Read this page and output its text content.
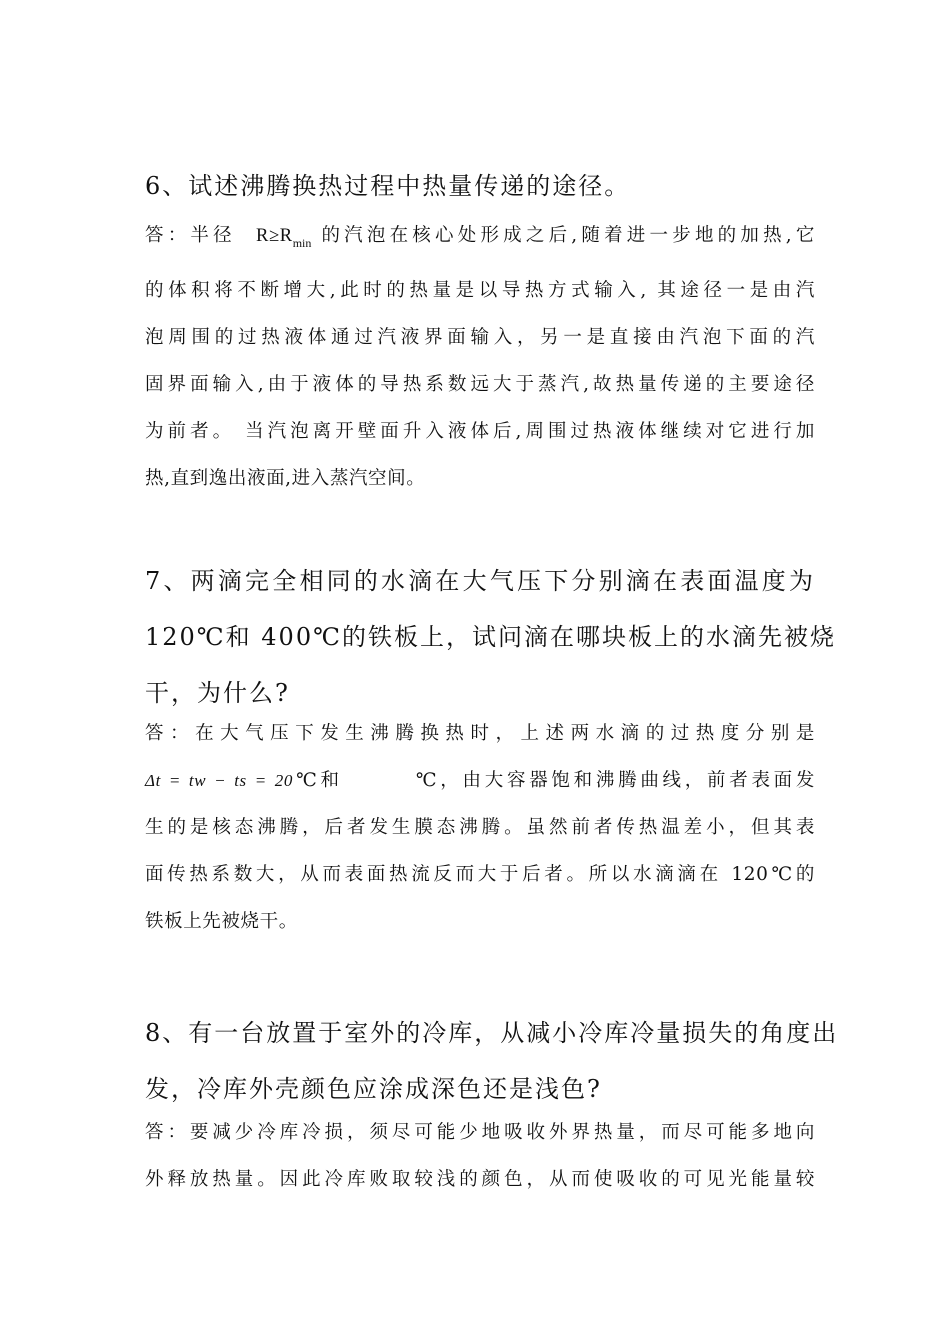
6、试述沸腾换热过程中热量传递的途径。
答：半径 $R\ge R_{min}$ 的汽泡在核心处形成之后,随着进一步地的加热,它
的体积将不断增大,此时的热量是以导热方式输入, 其途径一是由汽
泡周围的过热液体通过汽液界面输入，另一是直接由汽泡下面的汽
固界面输入,由于液体的导热系数远大于蒸汽,故热量传递的主要途径
为前者。 当汽泡离开壁面升入液体后,周围过热液体继续对它进行加
热,直到逸出液面,进入蒸汽空间。
7、两滴完全相同的水滴在大气压下分别滴在表面温度为
120℃和 400℃的铁板上，试问滴在哪块板上的水滴先被烧
干，为什么?
答：在大气压下发生沸腾换热时，上述两水滴的过热度分别是
Δt = tw − ts = 20℃和	℃，由大容器饱和沸腾曲线，前者表面发
生的是核态沸腾，后者发生膜态沸腾。虽然前者传热温差小，但其表
面传热系数大，从而表面热流反而大于后者。所以水滴滴在 120℃的
铁板上先被烧干。
8、有一台放置于室外的冷库，从减小冷库冷量损失的角度出
发，冷库外壳颜色应涂成深色还是浅色?
答：要减少冷库冷损，须尽可能少地吸收外界热量，而尽可能多地向
外释放热量。因此冷库败取较浅的颜色，从而使吸收的可见光能量较
